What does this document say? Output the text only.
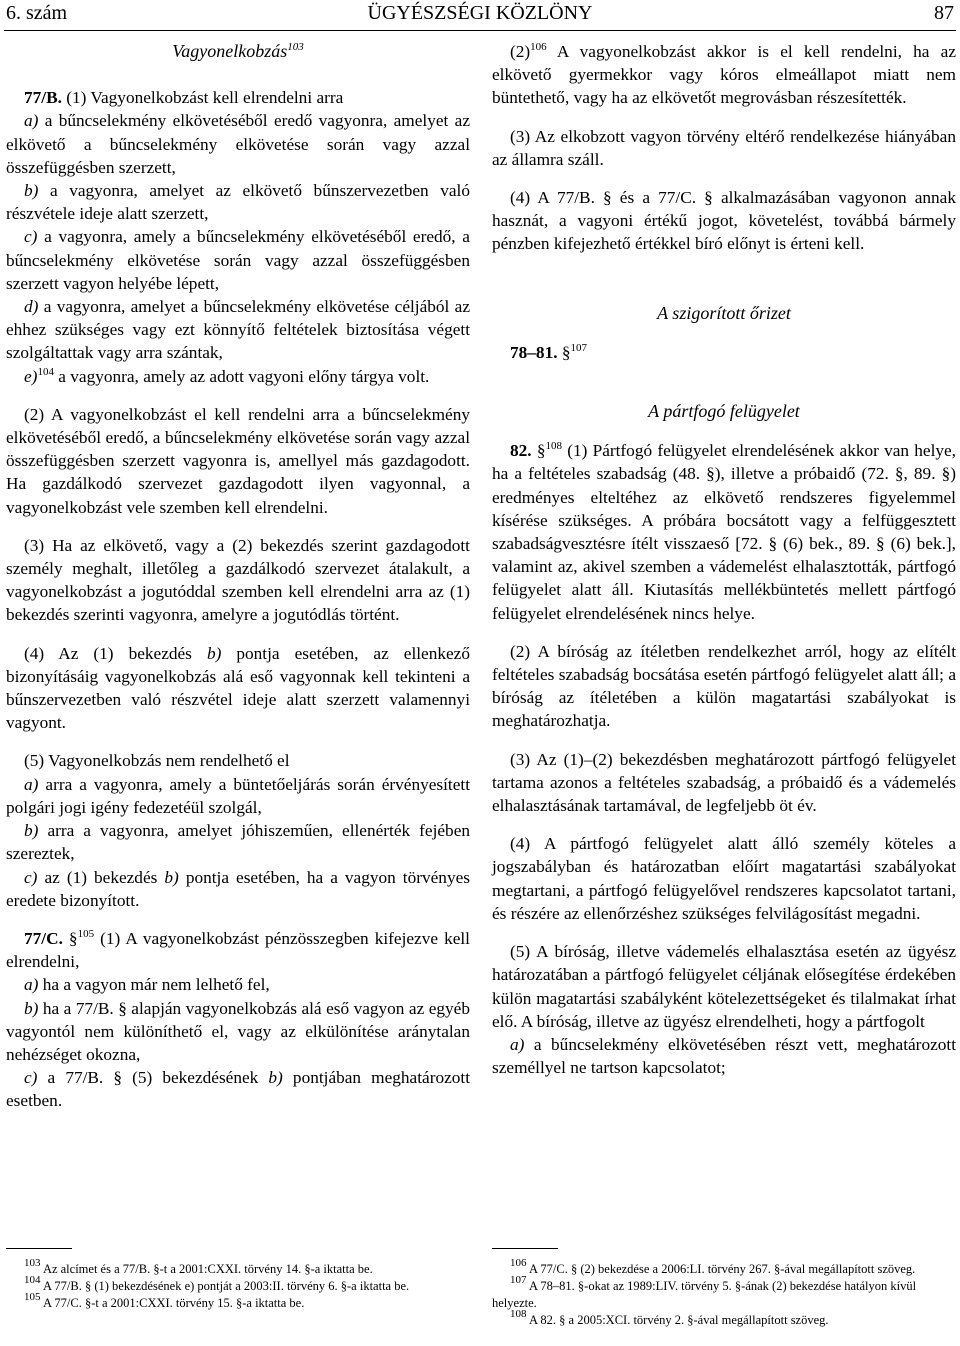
ÜGYÉSZSÉGI KÖZLÖNY
6. szám	87
Vagyonelkobzás$^{103}$

77/B. (1) Vagyonelkobzást kell elrendelni arra

a) a bűncselekmény elkövetéséből eredő vagyonra, amelyet az elkövető a bűncselekmény elkövetése során vagy azzal összefüggésben szerzett,

b) a vagyonra, amelyet az elkövető bűnszervezetben való részvétele ideje alatt szerzett,

c) a vagyonra, amely a bűncselekmény elkövetéséből eredő, a bűncselekmény elkövetése során vagy azzal összefüggésben szerzett vagyon helyébe lépett,

d) a vagyonra, amelyet a bűncselekmény elkövetése céljából az ehhez szükséges vagy ezt könnyítő feltételek biztosítása végett szolgáltattak vagy arra szántak,

e)$^{104}$ a vagyonra, amely az adott vagyoni előny tárgya volt.

(2) A vagyonelkobzást el kell rendelni arra a bűncselekmény elkövetéséből eredő, a bűncselekmény elkövetése során vagy azzal összefüggésben szerzett vagyonra is, amellyel más gazdagodott. Ha gazdálkodó szervezet gazdagodott ilyen vagyonnal, a vagyonelkobzást vele szemben kell elrendelni.

(3) Ha az elkövető, vagy a (2) bekezdés szerint gazdagodott személy meghalt, illetőleg a gazdálkodó szervezet átalakult, a vagyonelkobzást a jogutóddal szemben kell elrendelni arra az (1) bekezdés szerinti vagyonra, amelyre a jogutódlás történt.

(4) Az (1) bekezdés b) pontja esetében, az ellenkező bizonyításáig vagyonelkobzás alá eső vagyonnak kell tekinteni a bűnszervezetben való részvétel ideje alatt szerzett valamennyi vagyont.

(5) Vagyonelkobzás nem rendelhető el

a) arra a vagyonra, amely a büntetőeljárás során érvényesített polgári jogi igény fedezetéül szolgál,

b) arra a vagyonra, amelyet jóhiszeműen, ellenérték fejében szereztek,

c) az (1) bekezdés b) pontja esetében, ha a vagyon törvényes eredete bizonyított.

77/C. §$^{105}$ (1) A vagyonelkobzást pénzösszegben kifejezve kell elrendelni,

a) ha a vagyon már nem lelhető fel,

b) ha a 77/B. § alapján vagyonelkobzás alá eső vagyon az egyéb vagyontól nem különíthető el, vagy az elkülönítése aránytalan nehézséget okozna,

c) a 77/B. § (5) bekezdésének b) pontjában meghatározott esetben.

$(2)^{106}$ A vagyonelkobzást akkor is el kell rendelni, ha az elkövető gyermekkor vagy kóros elmeállapot miatt nem büntethető, vagy ha az elkövetőt megrovásban részesítették.

(3) Az elkobzott vagyon törvény eltérő rendelkezése hiányában az államra száll.

(4) A 77/B. § és a 77/C. § alkalmazásában vagyonon annak hasznát, a vagyoni értékű jogot, követelést, továbbá bármely pénzben kifejezhető értékkel bíró előnyt is érteni kell.

A szigorított őrizet

78–81. §$^{107}$

A pártfogó felügyelet

82. §$^{108}$ (1) Pártfogó felügyelet elrendelésének akkor van helye, ha a feltételes szabadság (48. §), illetve a próbaidő (72. §, 89. §) eredményes elteltéhez az elkövető rendszeres figyelemmel kísérése szükséges. A próbára bocsátott vagy a felfüggesztett szabadságvesztésre ítélt visszaeső [72. § (6) bek., 89. § (6) bek.], valamint az, akivel szemben a vádemelést elhalasztották, pártfogó felügyelet alatt áll. Kiutasítás mellékbüntetés mellett pártfogó felügyelet elrendelésének nincs helye.

(2) A bíróság az ítéletben rendelkezhet arról, hogy az elítélt feltételes szabadság bocsátása esetén pártfogó felügyelet alatt áll; a bíróság az ítéletében a külön magatartási szabályokat is meghatározhatja.

(3) Az (1)–(2) bekezdésben meghatározott pártfogó felügyelet tartama azonos a feltételes szabadság, a próbaidő és a vádemelés elhalasztásának tartamával, de legfeljebb öt év.

(4) A pártfogó felügyelet alatt álló személy köteles a jogszabályban és határozatban előírt magatartási szabályokat megtartani, a pártfogó felügyelővel rendszeres kapcsolatot tartani, és részére az ellenőrzéshez szükséges felvilágosítást megadni.

(5) A bíróság, illetve vádemelés elhalasztása esetén az ügyész határozatában a pártfogó felügyelet céljának elősegítése érdekében külön magatartási szabályként kötelezettségeket és tilalmakat írhat elő. A bíróság, illetve az ügyész elrendelheti, hogy a pártfogolt

a) a bűncselekmény elkövetésében részt vett, meghatározott személlyel ne tartson kapcsolatot;

103 Az alcímet és a 77/B. §-t a 2001:CXXI. törvény 14. §-a iktatta be.

104 A 77/B. § (1) bekezdésének e) pontját a 2003:II. törvény 6. §-a iktatta be.

105 A 77/C. §-t a 2001:CXXI. törvény 15. §-a iktatta be.

106 A 77/C. § (2) bekezdése a 2006:LI. törvény 267. §-ával megállapított szöveg.

107 A 78–81. §-okat az 1989:LIV. törvény 5. §-ának (2) bekezdése hatályon kívül helyezte.

108 A 82. § a 2005:XCI. törvény 2. §-ával megállapított szöveg.
